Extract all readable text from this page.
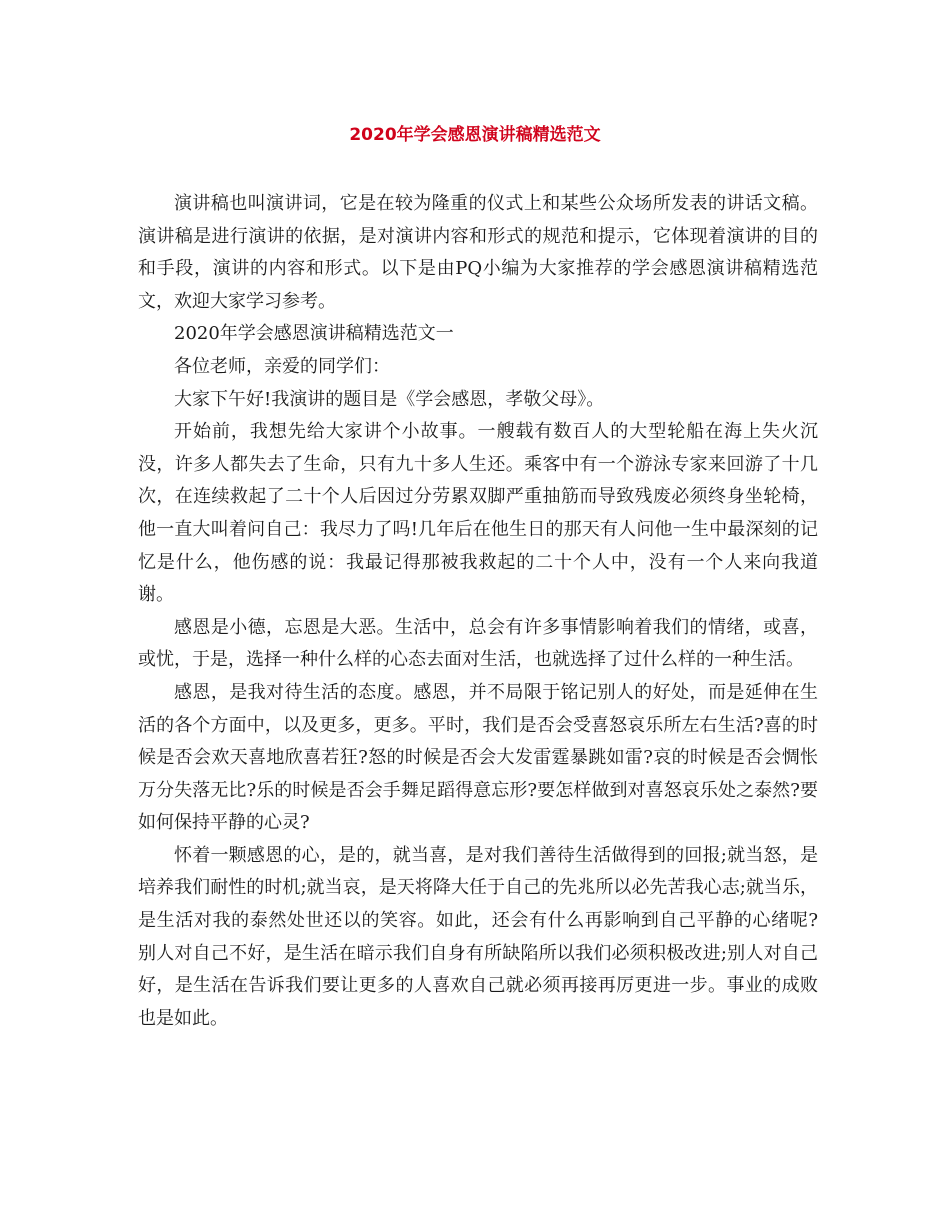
2020年学会感恩演讲稿精选范文

演讲稿也叫演讲词，它是在较为隆重的仪式上和某些公众场所发表的讲话文稿。演讲稿是进行演讲的依据，是对演讲内容和形式的规范和提示，它体现着演讲的目的和手段，演讲的内容和形式。以下是由PQ小编为大家推荐的学会感恩演讲稿精选范文，欢迎大家学习参考。

2020年学会感恩演讲稿精选范文一

各位老师，亲爱的同学们：

大家下午好!我演讲的题目是《学会感恩，孝敬父母》。

开始前，我想先给大家讲个小故事。一艘载有数百人的大型轮船在海上失火沉没，许多人都失去了生命，只有九十多人生还。乘客中有一个游泳专家来回游了十几次，在连续救起了二十个人后因过分劳累双脚严重抽筋而导致残废必须终身坐轮椅，他一直大叫着问自己：我尽力了吗!几年后在他生日的那天有人问他一生中最深刻的记忆是什么，他伤感的说：我最记得那被我救起的二十个人中，没有一个人来向我道谢。

感恩是小德，忘恩是大恶。生活中，总会有许多事情影响着我们的情绪，或喜，或忧，于是，选择一种什么样的心态去面对生活，也就选择了过什么样的一种生活。

感恩，是我对待生活的态度。感恩，并不局限于铭记别人的好处，而是延伸在生活的各个方面中，以及更多，更多。平时，我们是否会受喜怒哀乐所左右生活?喜的时候是否会欢天喜地欣喜若狂?怒的时候是否会大发雷霆暴跳如雷?哀的时候是否会惆怅万分失落无比?乐的时候是否会手舞足蹈得意忘形?要怎样做到对喜怒哀乐处之泰然?要如何保持平静的心灵?

怀着一颗感恩的心，是的，就当喜，是对我们善待生活做得到的回报;就当怒，是培养我们耐性的时机;就当哀，是天将降大任于自己的先兆所以必先苦我心志;就当乐，是生活对我的泰然处世还以的笑容。如此，还会有什么再影响到自己平静的心绪呢? 别人对自己不好，是生活在暗示我们自身有所缺陷所以我们必须积极改进;别人对自己好，是生活在告诉我们要让更多的人喜欢自己就必须再接再厉更进一步。事业的成败也是如此。
